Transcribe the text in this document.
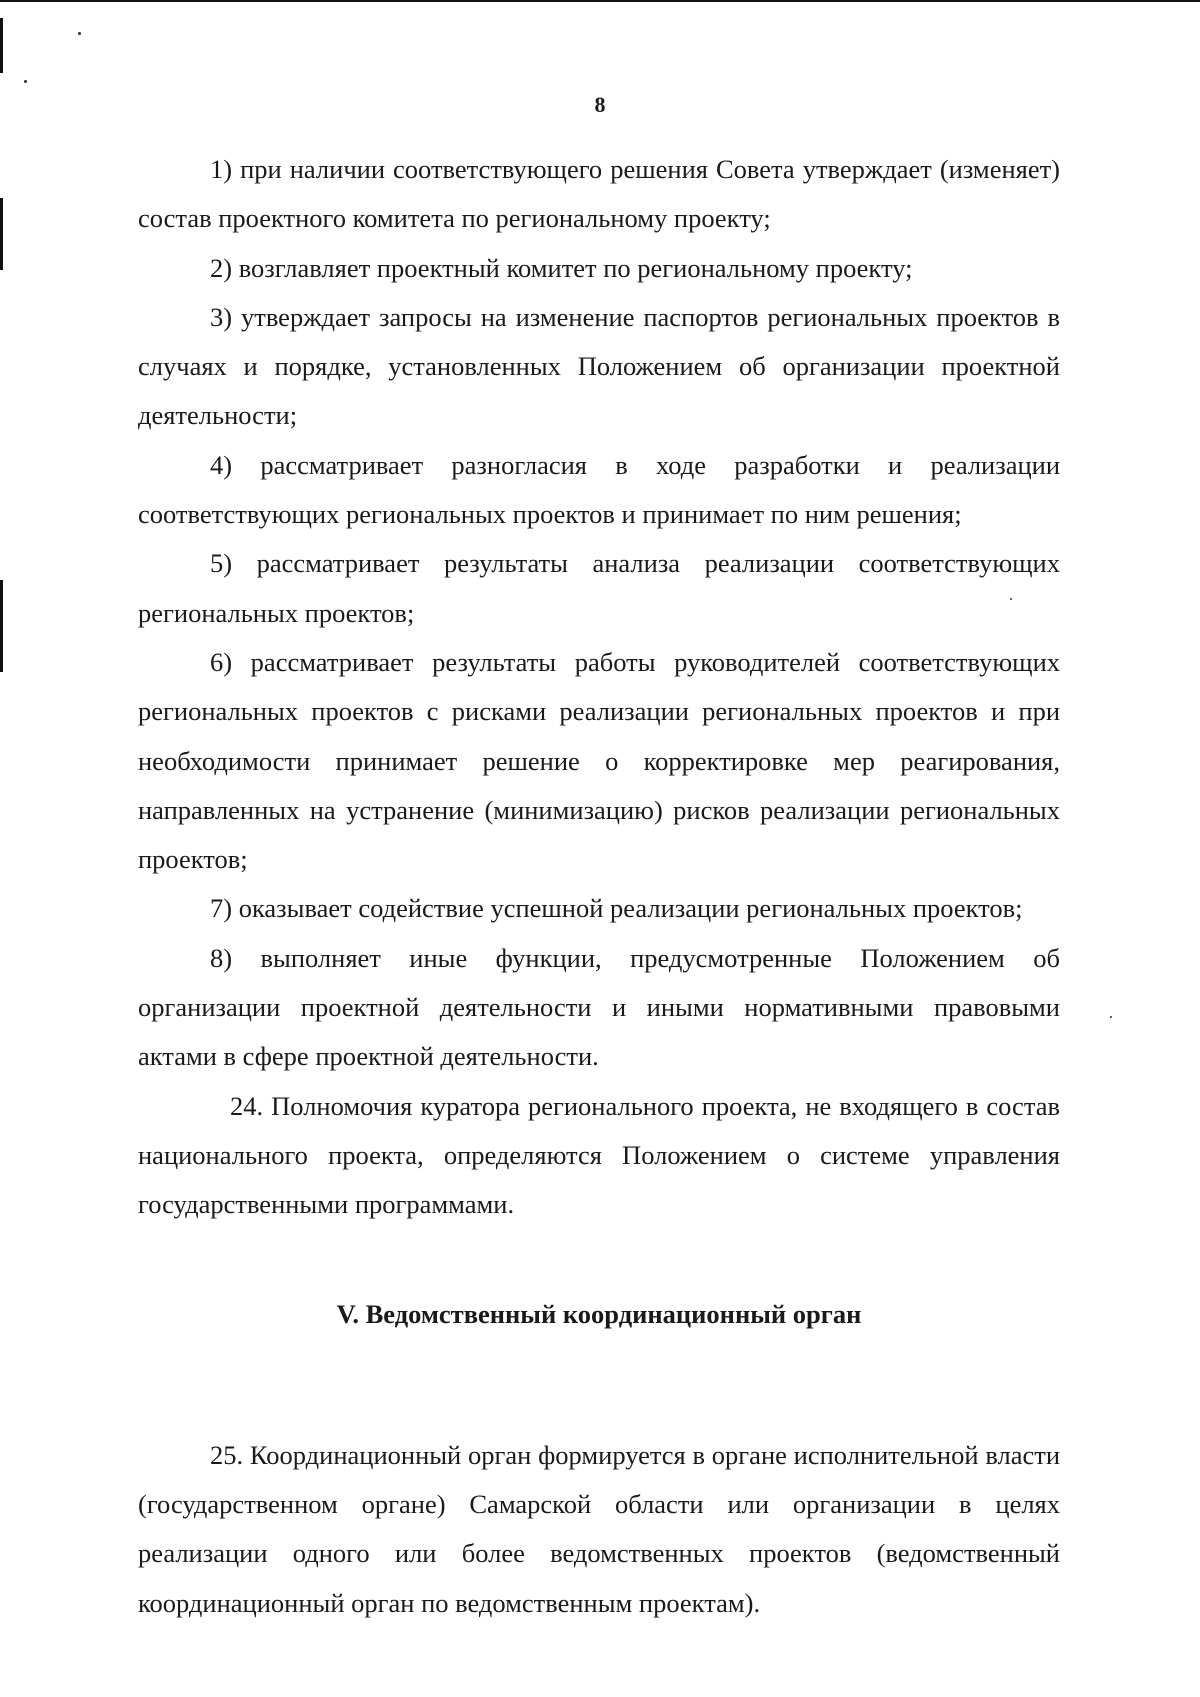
8

1) при наличии соответствующего решения Совета утверждает (изменяет) состав проектного комитета по региональному проекту;

2) возглавляет проектный комитет по региональному проекту;

3) утверждает запросы на изменение паспортов региональных проектов в случаях и порядке, установленных Положением об организации проектной деятельности;

4) рассматривает разногласия в ходе разработки и реализации соответствующих региональных проектов и принимает по ним решения;

5) рассматривает результаты анализа реализации соответствующих региональных проектов;

6) рассматривает результаты работы руководителей соответствующих региональных проектов с рисками реализации региональных проектов и при необходимости принимает решение о корректировке мер реагирования, направленных на устранение (минимизацию) рисков реализации региональных проектов;

7) оказывает содействие успешной реализации региональных проектов;

8) выполняет иные функции, предусмотренные Положением об организации проектной деятельности и иными нормативными правовыми актами в сфере проектной деятельности.

24. Полномочия куратора регионального проекта, не входящего в состав национального проекта, определяются Положением о системе управления государственными программами.

V. Ведомственный координационный орган

25. Координационный орган формируется в органе исполнительной власти (государственном органе) Самарской области или организации в целях реализации одного или более ведомственных проектов (ведомственный координационный орган по ведомственным проектам).
